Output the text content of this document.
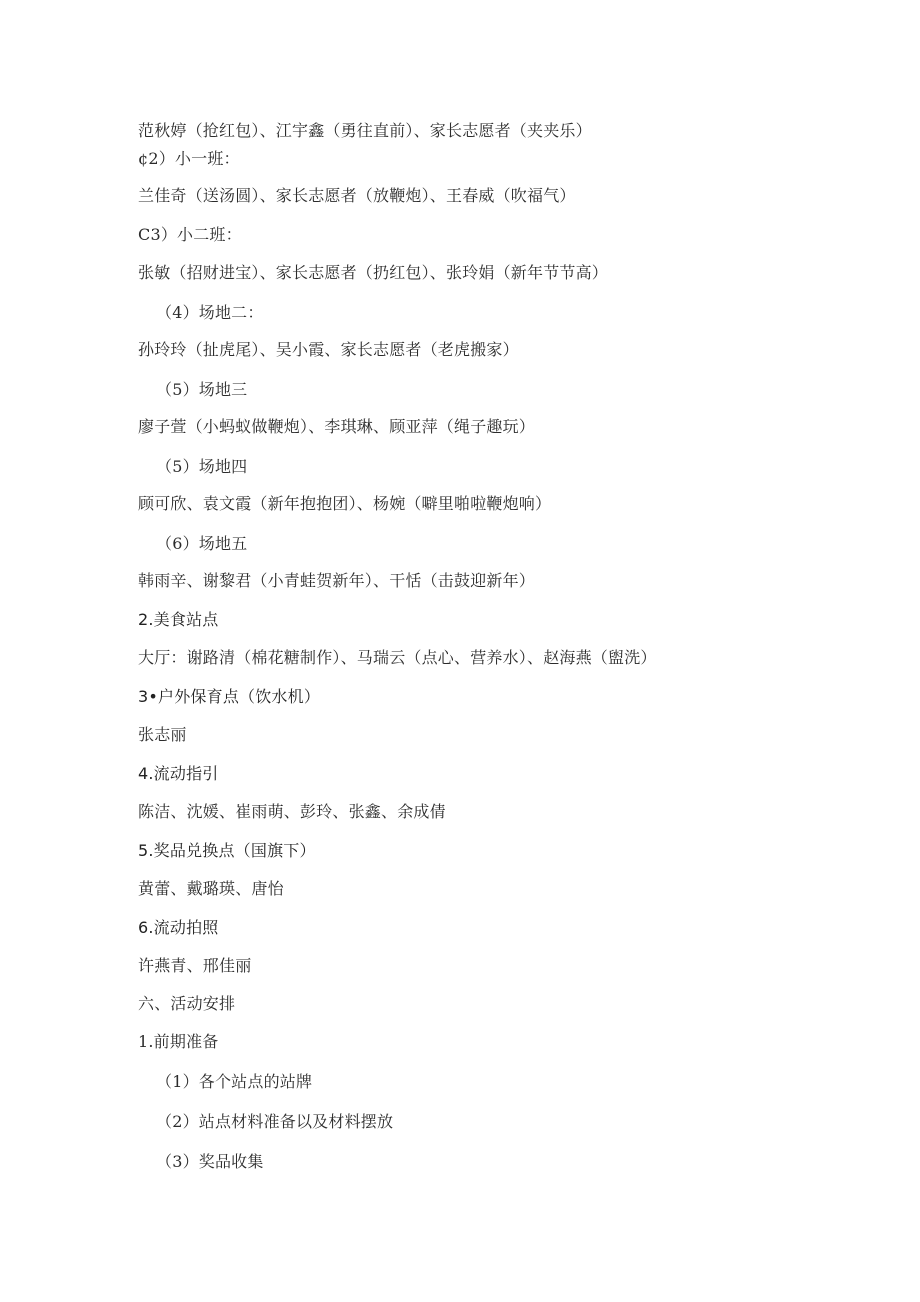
范秋婷（抢红包）、江宇鑫（勇往直前）、家长志愿者（夹夹乐）
¢2）小一班：
兰佳奇（送汤圆）、家长志愿者（放鞭炮）、王春威（吹福气）
C3）小二班：
张敏（招财进宝）、家长志愿者（扔红包）、张玲娟（新年节节高）
（4）场地二：
孙玲玲（扯虎尾）、吴小霞、家长志愿者（老虎搬家）
（5）场地三
廖子萱（小蚂蚁做鞭炮）、李琪琳、顾亚萍（绳子趣玩）
（5）场地四
顾可欣、袁文霞（新年抱抱团）、杨婉（噼里啪啦鞭炮响）
（6）场地五
韩雨辛、谢黎君（小青蛙贺新年）、干恬（击鼓迎新年）
2.美食站点
大厅：谢路清（棉花糖制作）、马瑞云（点心、营养水）、赵海燕（盥洗）
3•户外保育点（饮水机）
张志丽
4.流动指引
陈洁、沈媛、崔雨萌、彭玲、张鑫、余成倩
5.奖品兑换点（国旗下）
黄蕾、戴璐瑛、唐怡
6.流动拍照
许燕青、邢佳丽
六、活动安排
1.前期准备
（1）各个站点的站牌
（2）站点材料准备以及材料摆放
（3）奖品收集
